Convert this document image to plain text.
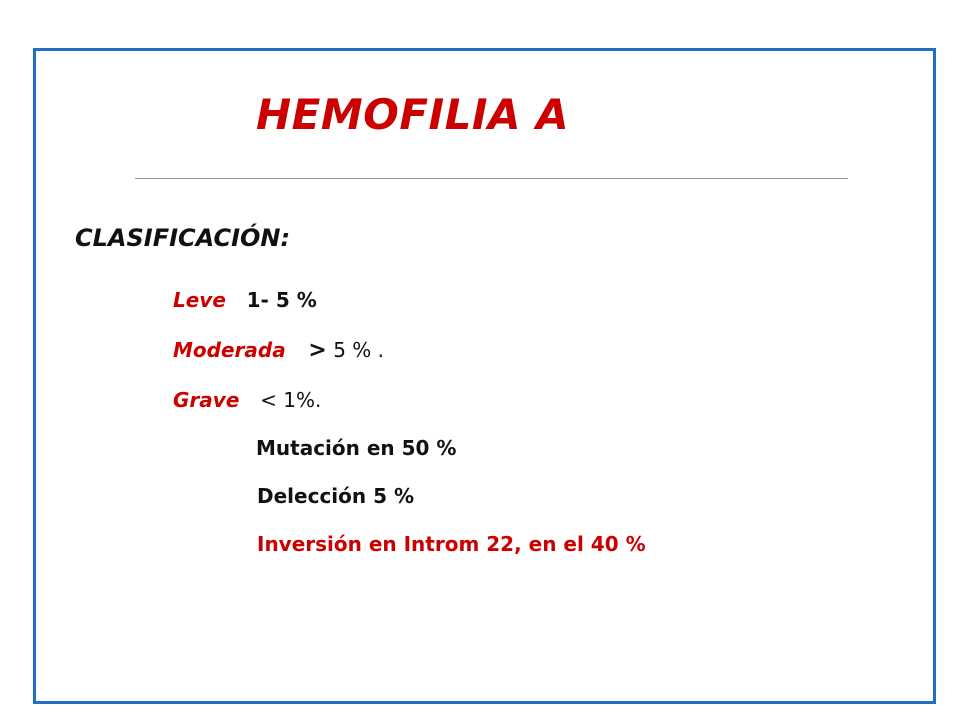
HEMOFILIA A
CLASIFICACIÓN:
Leve 1- 5 %
Moderada > 5 % .
Grave < 1%.
Mutación en 50 %
Delección 5 %
Inversión en Introm 22, en el 40 %
